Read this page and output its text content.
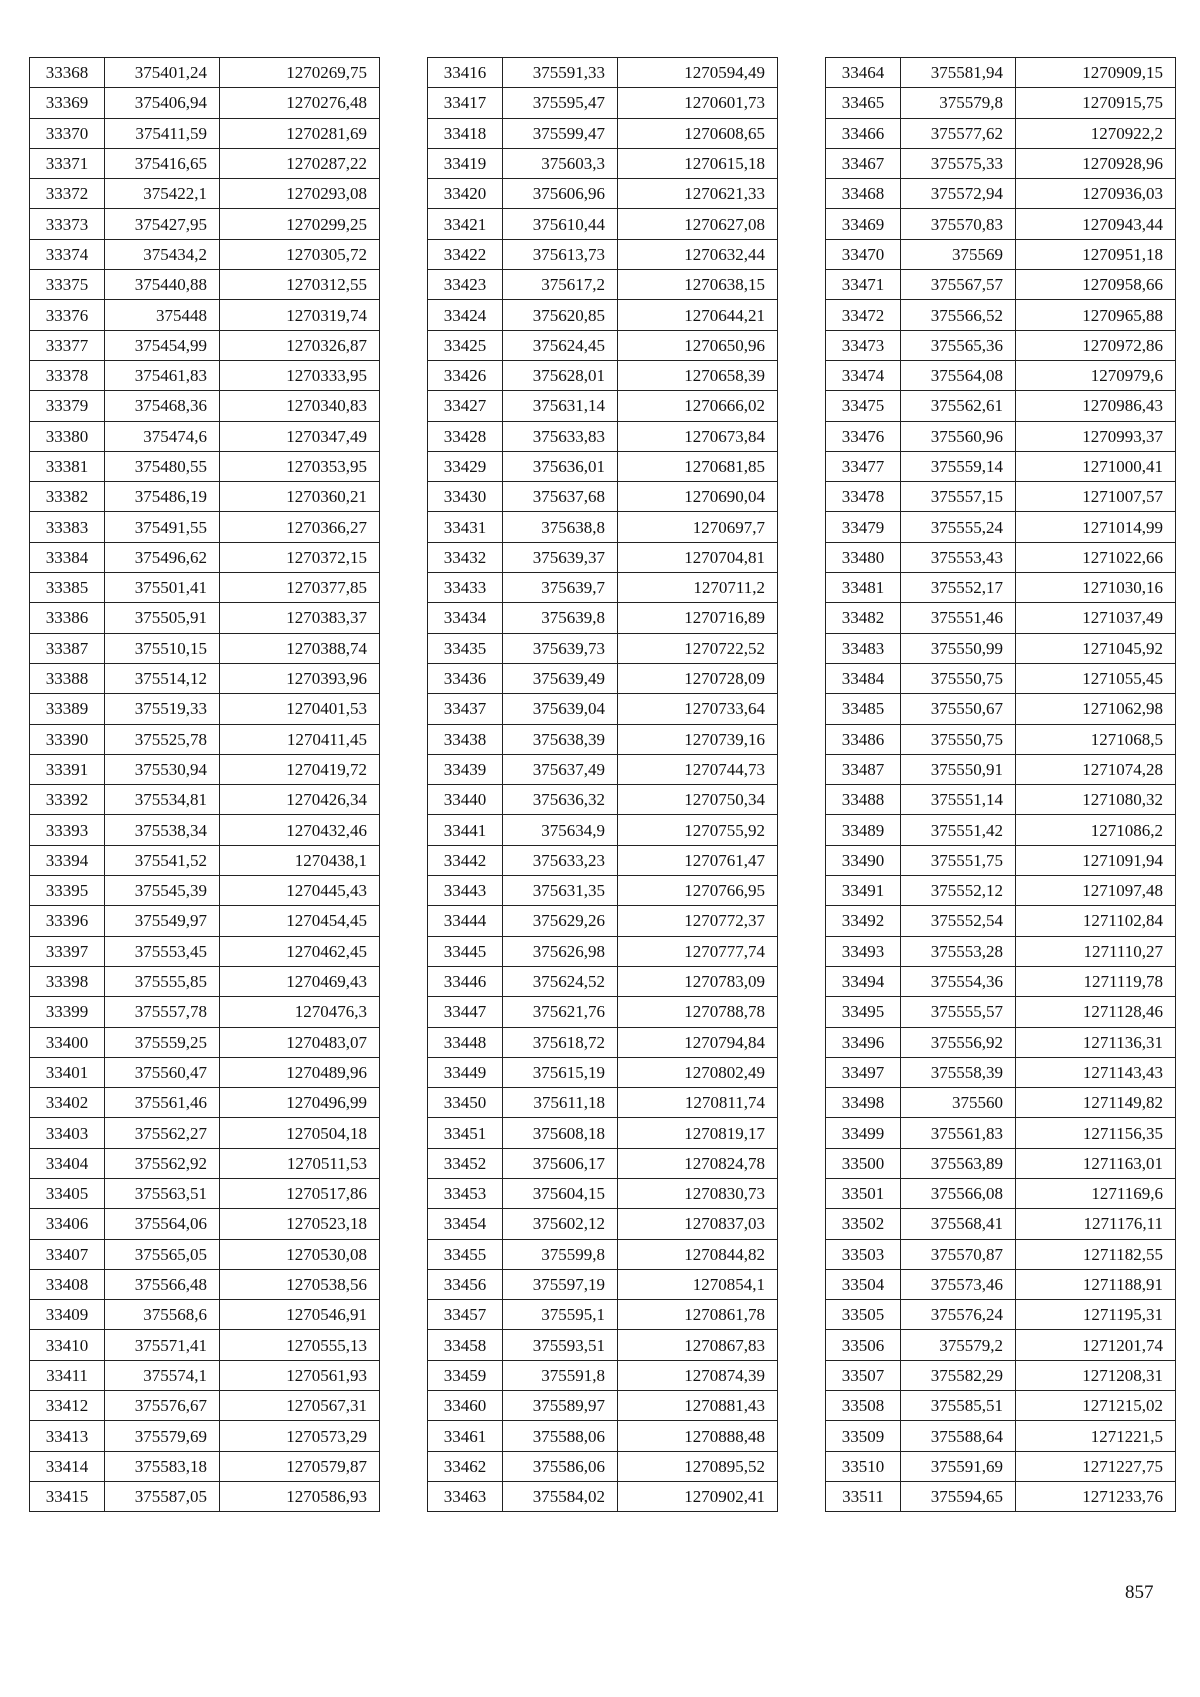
33368	375401,24	1270269,75
33369	375406,94	1270276,48
33370	375411,59	1270281,69
33371	375416,65	1270287,22
33372	375422,1	1270293,08
33373	375427,95	1270299,25
33374	375434,2	1270305,72
33375	375440,88	1270312,55
33376	375448	1270319,74
33377	375454,99	1270326,87
33378	375461,83	1270333,95
33379	375468,36	1270340,83
33380	375474,6	1270347,49
33381	375480,55	1270353,95
33382	375486,19	1270360,21
33383	375491,55	1270366,27
33384	375496,62	1270372,15
33385	375501,41	1270377,85
33386	375505,91	1270383,37
33387	375510,15	1270388,74
33388	375514,12	1270393,96
33389	375519,33	1270401,53
33390	375525,78	1270411,45
33391	375530,94	1270419,72
33392	375534,81	1270426,34
33393	375538,34	1270432,46
33394	375541,52	1270438,1
33395	375545,39	1270445,43
33396	375549,97	1270454,45
33397	375553,45	1270462,45
33398	375555,85	1270469,43
33399	375557,78	1270476,3
33400	375559,25	1270483,07
33401	375560,47	1270489,96
33402	375561,46	1270496,99
33403	375562,27	1270504,18
33404	375562,92	1270511,53
33405	375563,51	1270517,86
33406	375564,06	1270523,18
33407	375565,05	1270530,08
33408	375566,48	1270538,56
33409	375568,6	1270546,91
33410	375571,41	1270555,13
33411	375574,1	1270561,93
33412	375576,67	1270567,31
33413	375579,69	1270573,29
33414	375583,18	1270579,87
33415	375587,05	1270586,93
33416	375591,33	1270594,49
33417	375595,47	1270601,73
33418	375599,47	1270608,65
33419	375603,3	1270615,18
33420	375606,96	1270621,33
33421	375610,44	1270627,08
33422	375613,73	1270632,44
33423	375617,2	1270638,15
33424	375620,85	1270644,21
33425	375624,45	1270650,96
33426	375628,01	1270658,39
33427	375631,14	1270666,02
33428	375633,83	1270673,84
33429	375636,01	1270681,85
33430	375637,68	1270690,04
33431	375638,8	1270697,7
33432	375639,37	1270704,81
33433	375639,7	1270711,2
33434	375639,8	1270716,89
33435	375639,73	1270722,52
33436	375639,49	1270728,09
33437	375639,04	1270733,64
33438	375638,39	1270739,16
33439	375637,49	1270744,73
33440	375636,32	1270750,34
33441	375634,9	1270755,92
33442	375633,23	1270761,47
33443	375631,35	1270766,95
33444	375629,26	1270772,37
33445	375626,98	1270777,74
33446	375624,52	1270783,09
33447	375621,76	1270788,78
33448	375618,72	1270794,84
33449	375615,19	1270802,49
33450	375611,18	1270811,74
33451	375608,18	1270819,17
33452	375606,17	1270824,78
33453	375604,15	1270830,73
33454	375602,12	1270837,03
33455	375599,8	1270844,82
33456	375597,19	1270854,1
33457	375595,1	1270861,78
33458	375593,51	1270867,83
33459	375591,8	1270874,39
33460	375589,97	1270881,43
33461	375588,06	1270888,48
33462	375586,06	1270895,52
33463	375584,02	1270902,41
33464	375581,94	1270909,15
33465	375579,8	1270915,75
33466	375577,62	1270922,2
33467	375575,33	1270928,96
33468	375572,94	1270936,03
33469	375570,83	1270943,44
33470	375569	1270951,18
33471	375567,57	1270958,66
33472	375566,52	1270965,88
33473	375565,36	1270972,86
33474	375564,08	1270979,6
33475	375562,61	1270986,43
33476	375560,96	1270993,37
33477	375559,14	1271000,41
33478	375557,15	1271007,57
33479	375555,24	1271014,99
33480	375553,43	1271022,66
33481	375552,17	1271030,16
33482	375551,46	1271037,49
33483	375550,99	1271045,92
33484	375550,75	1271055,45
33485	375550,67	1271062,98
33486	375550,75	1271068,5
33487	375550,91	1271074,28
33488	375551,14	1271080,32
33489	375551,42	1271086,2
33490	375551,75	1271091,94
33491	375552,12	1271097,48
33492	375552,54	1271102,84
33493	375553,28	1271110,27
33494	375554,36	1271119,78
33495	375555,57	1271128,46
33496	375556,92	1271136,31
33497	375558,39	1271143,43
33498	375560	1271149,82
33499	375561,83	1271156,35
33500	375563,89	1271163,01
33501	375566,08	1271169,6
33502	375568,41	1271176,11
33503	375570,87	1271182,55
33504	375573,46	1271188,91
33505	375576,24	1271195,31
33506	375579,2	1271201,74
33507	375582,29	1271208,31
33508	375585,51	1271215,02
33509	375588,64	1271221,5
33510	375591,69	1271227,75
33511	375594,65	1271233,76
857
